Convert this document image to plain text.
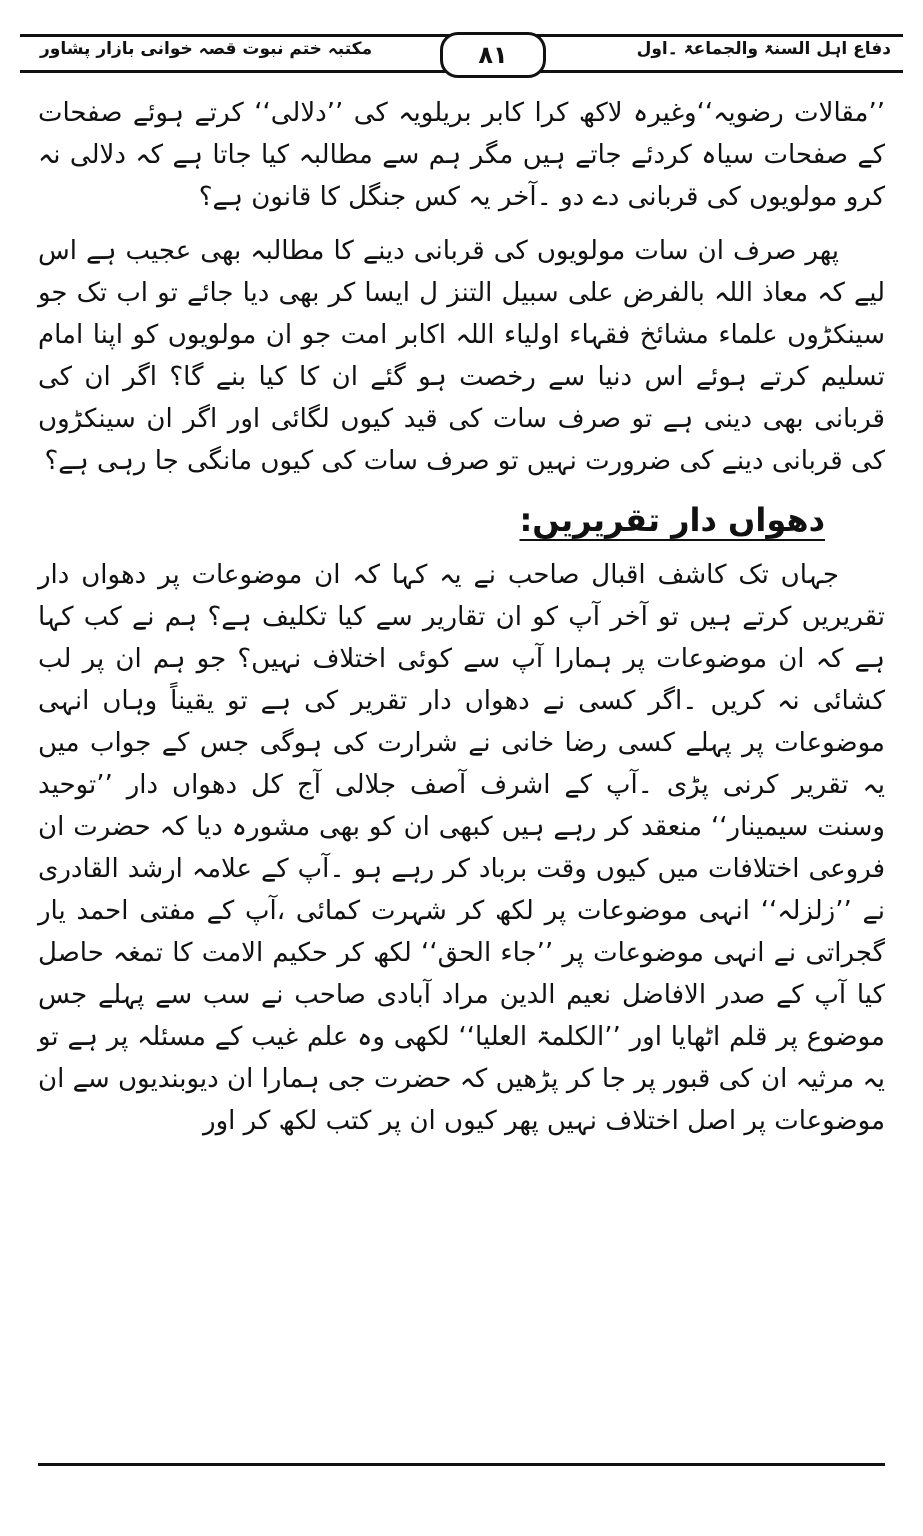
دفاع اہل السنۃ والجماعۃ ۔اول
۸۱
مکتبہ ختم نبوت قصہ خوانی بازار پشاور

’’مقالات رضویہ‘‘وغیرہ لاکھ کرا کابر بریلویہ کی ’’دلالی‘‘ کرتے ہوئے صفحات کے صفحات سیاہ کردئے جاتے ہیں مگر ہم سے مطالبہ کیا جاتا ہے کہ دلالی نہ کرو مولویوں کی قربانی دے دو ۔آخر یہ کس جنگل کا قانون ہے؟

پھر صرف ان سات مولویوں کی قربانی دینے کا مطالبہ بھی عجیب ہے اس لیے کہ معاذ اللہ بالفرض علی سبیل التنز ل ایسا کر بھی دیا جائے تو اب تک جو سینکڑوں علماء مشائخ فقہاء اولیاء اللہ اکابر امت جو ان مولویوں کو اپنا امام تسلیم کرتے ہوئے اس دنیا سے رخصت ہو گئے ان کا کیا بنے گا؟ اگر ان کی قربانی بھی دینی ہے تو صرف سات کی قید کیوں لگائی اور اگر ان سینکڑوں کی قربانی دینے کی ضرورت نہیں تو صرف سات کی کیوں مانگی جا رہی ہے؟

دھواں دار تقریریں:

جہاں تک کاشف اقبال صاحب نے یہ کہا کہ ان موضوعات پر دھواں دار تقریریں کرتے ہیں تو آخر آپ کو ان تقاریر سے کیا تکلیف ہے؟ ہم نے کب کہا ہے کہ ان موضوعات پر ہمارا آپ سے کوئی اختلاف نہیں؟ جو ہم ان پر لب کشائی نہ کریں ۔اگر کسی نے دھواں دار تقریر کی ہے تو یقیناً وہاں انہی موضوعات پر پہلے کسی رضا خانی نے شرارت کی ہوگی جس کے جواب میں یہ تقریر کرنی پڑی ۔آپ کے اشرف آصف جلالی آج کل دھواں دار ’’توحید وسنت سیمینار‘‘ منعقد کر رہے ہیں کبھی ان کو بھی مشورہ دیا کہ حضرت ان فروعی اختلافات میں کیوں وقت برباد کر رہے ہو ۔آپ کے علامہ ارشد القادری نے ’’زلزلہ‘‘ انہی موضوعات پر لکھ کر شہرت کمائی ،آپ کے مفتی احمد یار گجراتی نے انہی موضوعات پر ’’جاء الحق‘‘ لکھ کر حکیم الامت کا تمغہ حاصل کیا آپ کے صدر الافاضل نعیم الدین مراد آبادی صاحب نے سب سے پہلے جس موضوع پر قلم اٹھایا اور ’’الکلمۃ العلیا‘‘ لکھی وہ علم غیب کے مسئلہ پر ہے تو یہ مرثیہ ان کی قبور پر جا کر پڑھیں کہ حضرت جی ہمارا ان دیوبندیوں سے ان موضوعات پر اصل اختلاف نہیں پھر کیوں ان پر کتب لکھ کر اور
